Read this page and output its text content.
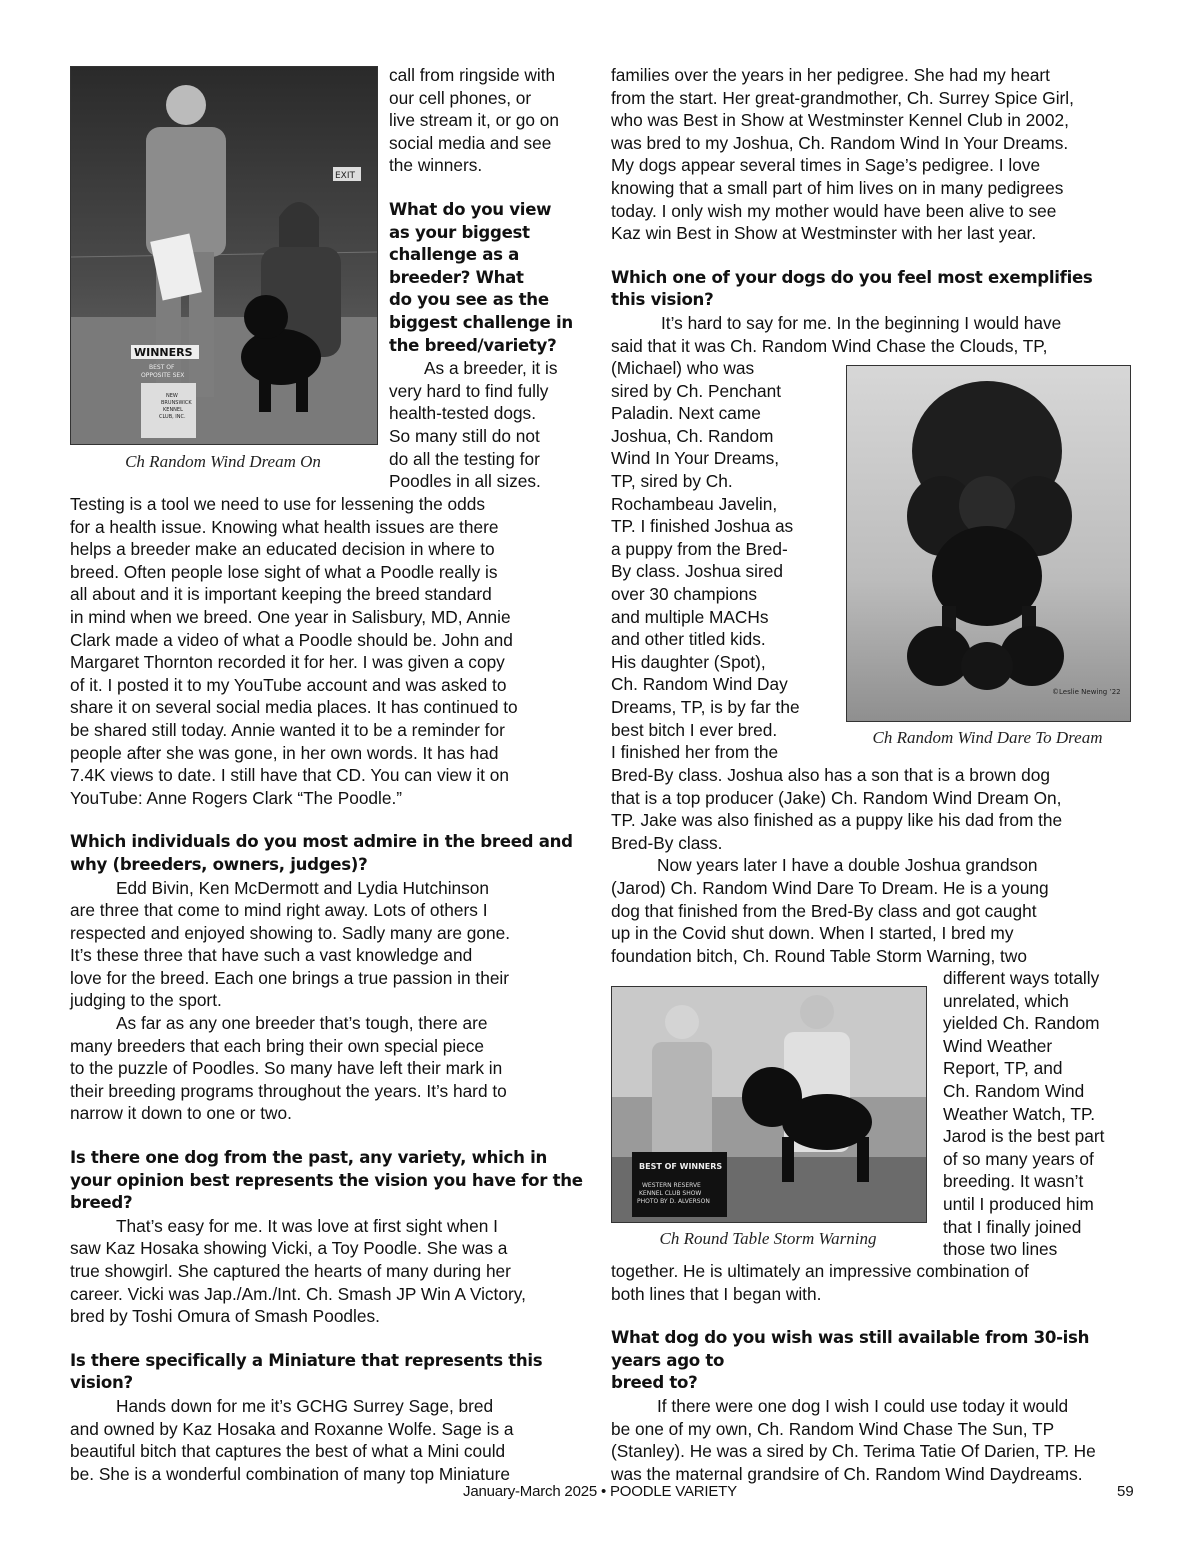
EXIT
WINNERS
BEST OF
OPPOSITE SEX
NEW
BRUNSWICK
KENNEL
CLUB, INC.
Ch Random Wind Dream On

call from ringside with

our cell phones, or

live stream it, or go on

social media and see

the winners.

What do you view

as your biggest

challenge as a

breeder? What

do you see as the

biggest challenge in

the breed/variety?

As a breeder, it is

very hard to find fully

health-tested dogs.

So many still do not

do all the testing for

Poodles in all sizes.

Testing is a tool we need to use for lessening the odds

for a health issue. Knowing what health issues are there

helps a breeder make an educated decision in where to

breed. Often people lose sight of what a Poodle really is

all about and it is important keeping the breed standard

in mind when we breed. One year in Salisbury, MD, Annie

Clark made a video of what a Poodle should be. John and

Margaret Thornton recorded it for her. I was given a copy

of it. I posted it to my YouTube account and was asked to

share it on several social media places. It has continued to

be shared still today. Annie wanted it to be a reminder for

people after she was gone, in her own words. It has had

7.4K views to date. I still have that CD. You can view it on

YouTube: Anne Rogers Clark “The Poodle.”

Which individuals do you most admire in the breed and

why (breeders, owners, judges)?

Edd Bivin, Ken McDermott and Lydia Hutchinson

are three that come to mind right away. Lots of others I

respected and enjoyed showing to. Sadly many are gone.

It’s these three that have such a vast knowledge and

love for the breed. Each one brings a true passion in their

judging to the sport.

As far as any one breeder that’s tough, there are

many breeders that each bring their own special piece

to the puzzle of Poodles. So many have left their mark in

their breeding programs throughout the years. It’s hard to

narrow it down to one or two.

Is there one dog from the past, any variety, which in

your opinion best represents the vision you have for the

breed?

That’s easy for me. It was love at first sight when I

saw Kaz Hosaka showing Vicki, a Toy Poodle. She was a

true showgirl. She captured the hearts of many during her

career. Vicki was Jap./Am./Int. Ch. Smash JP Win A Victory,

bred by Toshi Omura of Smash Poodles.

Is there specifically a Miniature that represents this

vision?

Hands down for me it’s GCHG Surrey Sage, bred

and owned by Kaz Hosaka and Roxanne Wolfe. Sage is a

beautiful bitch that captures the best of what a Mini could

be. She is a wonderful combination of many top Miniature

families over the years in her pedigree. She had my heart

from the start. Her great-grandmother, Ch. Surrey Spice Girl,

who was Best in Show at Westminster Kennel Club in 2002,

was bred to my Joshua, Ch. Random Wind In Your Dreams.

My dogs appear several times in Sage’s pedigree. I love

knowing that a small part of him lives on in many pedigrees

today. I only wish my mother would have been alive to see

Kaz win Best in Show at Westminster with her last year.

Which one of your dogs do you feel most exemplifies

this vision?

It’s hard to say for me. In the beginning I would have

said that it was Ch. Random Wind Chase the Clouds, TP,

(Michael) who was

sired by Ch. Penchant

Paladin. Next came

Joshua, Ch. Random

Wind In Your Dreams,

TP, sired by Ch.

Rochambeau Javelin,

TP. I finished Joshua as

a puppy from the Bred-

By class. Joshua sired

over 30 champions

and multiple MACHs

and other titled kids.

His daughter (Spot),

Ch. Random Wind Day

Dreams, TP, is by far the

best bitch I ever bred.

I finished her from the

©Leslie Newing ’22
Ch Random Wind Dare To Dream

Bred-By class. Joshua also has a son that is a brown dog

that is a top producer (Jake) Ch. Random Wind Dream On,

TP. Jake was also finished as a puppy like his dad from the

Bred-By class.

Now years later I have a double Joshua grandson

(Jarod) Ch. Random Wind Dare To Dream. He is a young

dog that finished from the Bred-By class and got caught

up in the Covid shut down. When I started, I bred my

foundation bitch, Ch. Round Table Storm Warning, two

BEST OF WINNERS
WESTERN RESERVE
KENNEL CLUB SHOW
PHOTO BY D. ALVERSON
Ch Round Table Storm Warning

different ways totally

unrelated, which

yielded Ch. Random

Wind Weather

Report, TP, and

Ch. Random Wind

Weather Watch, TP.

Jarod is the best part

of so many years of

breeding. It wasn’t

until I produced him

that I finally joined

those two lines

together. He is ultimately an impressive combination of

both lines that I began with.

What dog do you wish was still available from 30-ish

years ago to

breed to?

If there were one dog I wish I could use today it would

be one of my own, Ch. Random Wind Chase The Sun, TP

(Stanley). He was a sired by Ch. Terima Tatie Of Darien, TP. He

was the maternal grandsire of Ch. Random Wind Daydreams.

January-March 2025 • POODLE VARIETY	59
